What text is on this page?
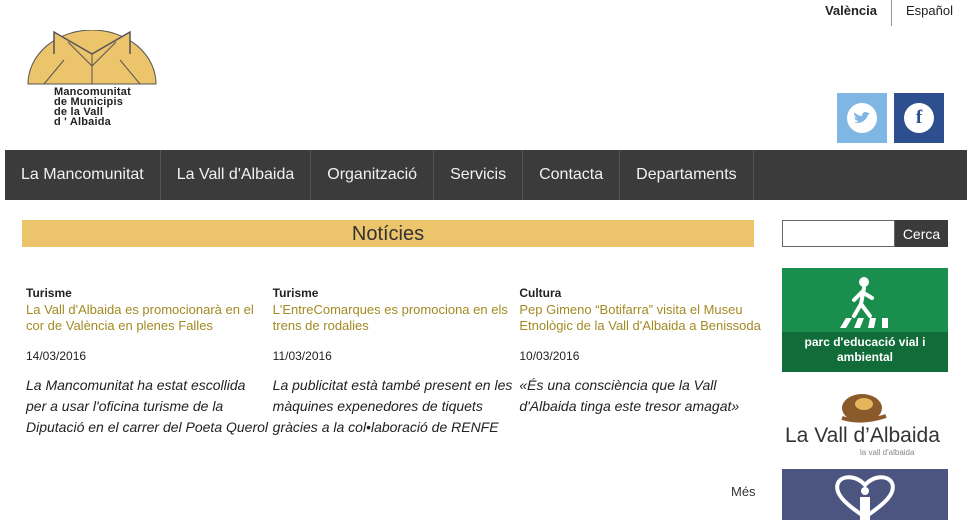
Mancomunitat
de Municipis
de la Vall
d ' Albaida
València	Español
f
La Mancomunitat	La Vall d'Albaida	Organització	Servicis	Contacta	Departaments
Notícies
Turisme
La Vall d'Albaida es promocionarà en el cor de València en plenes Falles
14/03/2016
La Mancomunitat ha estat escollida per a usar l'oficina turisme de la Diputació en el carrer del Poeta Querol
Turisme
L'EntreComarques es promociona en els trens de rodalies
11/03/2016
La publicitat està també present en les màquines expenedores de tiquets gràcies a la col•laboració de RENFE
Cultura
Pep Gimeno “Botifarra” visita el Museu Etnològic de la Vall d'Albaida a Benissoda
10/03/2016
«És una consciència que la Vall d'Albaida tinga este tresor amagat»
Més
Cerca
parc d'educació vial i ambiental
La Vall d’Albaida
la vall d'albaida
